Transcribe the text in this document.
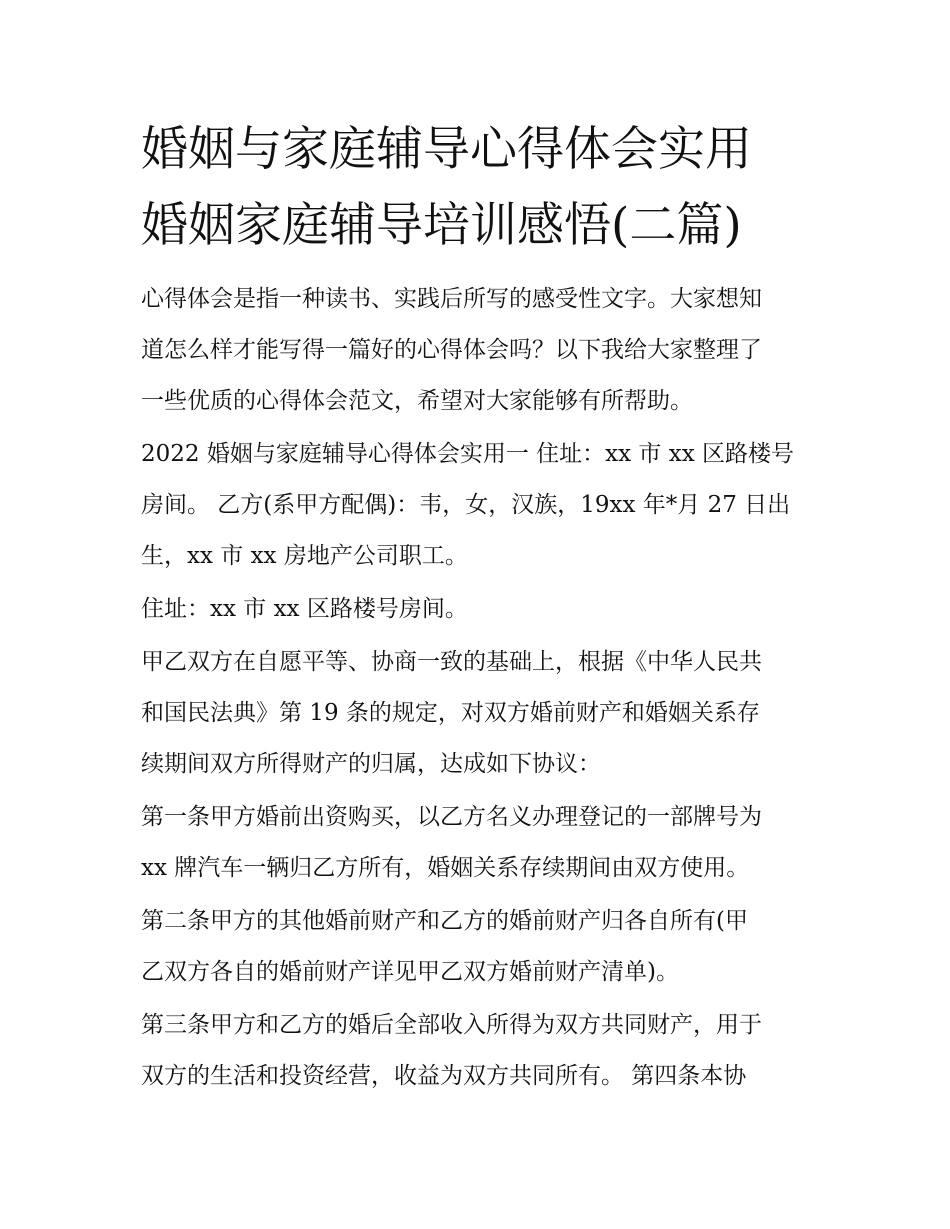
婚姻与家庭辅导心得体会实用
婚姻家庭辅导培训感悟(二篇)

心得体会是指一种读书、实践后所写的感受性文字。大家想知
道怎么样才能写得一篇好的心得体会吗？以下我给大家整理了
一些优质的心得体会范文，希望对大家能够有所帮助。

2022 婚姻与家庭辅导心得体会实用一 住址：xx 市 xx 区路楼号
房间。 乙方(系甲方配偶)：韦，女，汉族，19xx 年*月 27 日出
生，xx 市 xx 房地产公司职工。

住址：xx 市 xx 区路楼号房间。

甲乙双方在自愿平等、协商一致的基础上，根据《中华人民共
和国民法典》第 19 条的规定，对双方婚前财产和婚姻关系存
续期间双方所得财产的归属，达成如下协议：

第一条甲方婚前出资购买，以乙方名义办理登记的一部牌号为
xx 牌汽车一辆归乙方所有，婚姻关系存续期间由双方使用。

第二条甲方的其他婚前财产和乙方的婚前财产归各自所有(甲
乙双方各自的婚前财产详见甲乙双方婚前财产清单)。

第三条甲方和乙方的婚后全部收入所得为双方共同财产，用于
双方的生活和投资经营，收益为双方共同所有。 第四条本协
